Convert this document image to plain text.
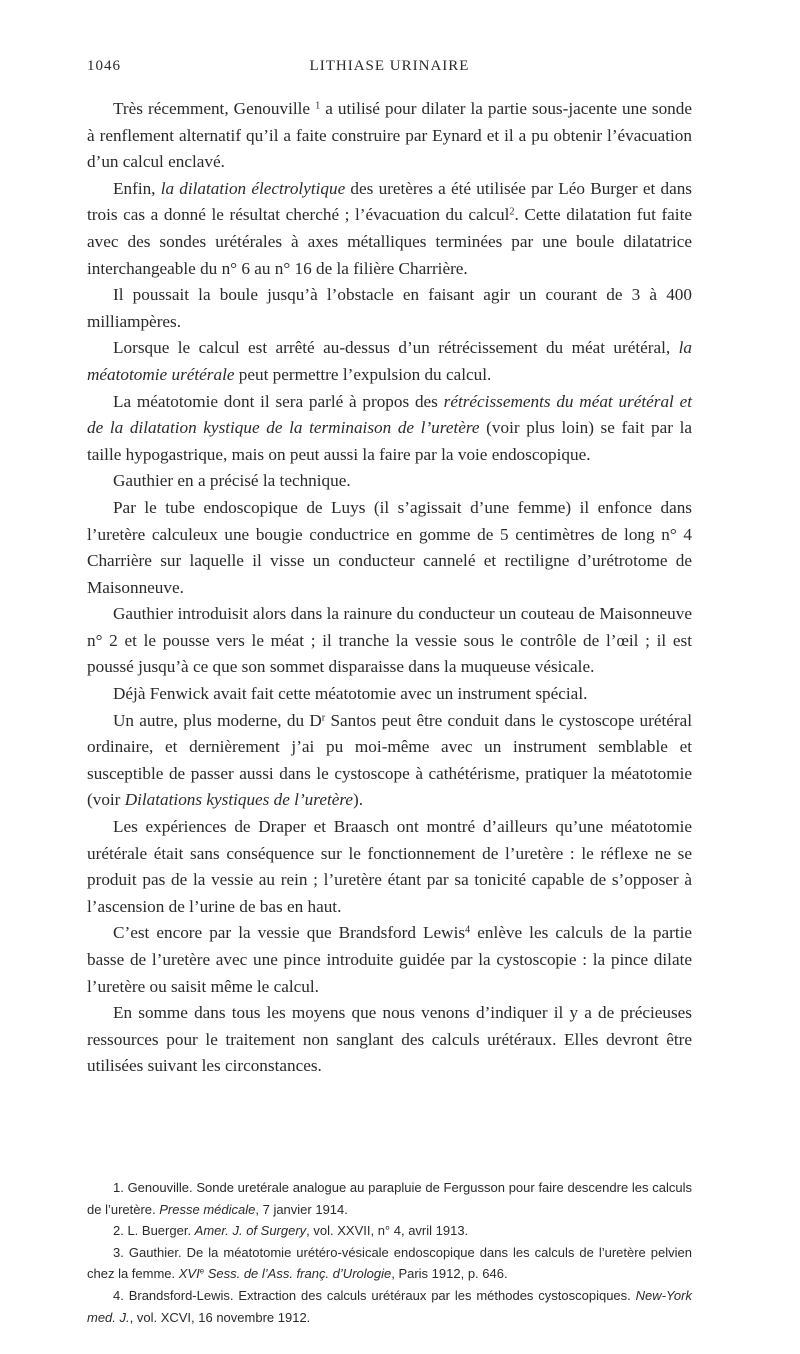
1046	LITHIASE URINAIRE

Très récemment, Genouville $^1$ a utilisé pour dilater la partie sous-jacente une sonde à renflement alternatif qu’il a faite construire par Eynard et il a pu obtenir l’évacuation d’un calcul enclavé.

Enfin, la dilatation électrolytique des uretères a été utilisée par Léo Burger et dans trois cas a donné le résultat cherché ; l’évacuation du calcul$^2$. Cette dilatation fut faite avec des sondes urétérales à axes métalliques terminées par une boule dilatatrice interchangeable du n° 6 au n° 16 de la filière Charrière.

Il poussait la boule jusqu’à l’obstacle en faisant agir un courant de 3 à 400 milliampères.

Lorsque le calcul est arrêté au-dessus d’un rétrécissement du méat urétéral, la méatotomie urétérale peut permettre l’expulsion du calcul.

La méatotomie dont il sera parlé à propos des rétrécissements du méat urétéral et de la dilatation kystique de la terminaison de l’uretère (voir plus loin) se fait par la taille hypogastrique, mais on peut aussi la faire par la voie endoscopique.

Gauthier en a précisé la technique.

Par le tube endoscopique de Luys (il s’agissait d’une femme) il enfonce dans l’uretère calculeux une bougie conductrice en gomme de 5 centimètres de long n° 4 Charrière sur laquelle il visse un conducteur cannelé et rectiligne d’urétrotome de Maisonneuve.

Gauthier introduisit alors dans la rainure du conducteur un couteau de Maisonneuve n° 2 et le pousse vers le méat ; il tranche la vessie sous le contrôle de l’œil ; il est poussé jusqu’à ce que son sommet disparaisse dans la muqueuse vésicale.

Déjà Fenwick avait fait cette méatotomie avec un instrument spécial.

Un autre, plus moderne, du $D^r$ Santos peut être conduit dans le cystoscope urétéral ordinaire, et dernièrement j’ai pu moi-même avec un instrument semblable et susceptible de passer aussi dans le cystoscope à cathétérisme, pratiquer la méatotomie (voir Dilatations kystiques de l’uretère).

Les expériences de Draper et Braasch ont montré d’ailleurs qu’une méatotomie urétérale était sans conséquence sur le fonctionnement de l’uretère : le réflexe ne se produit pas de la vessie au rein ; l’uretère étant par sa tonicité capable de s’opposer à l’ascension de l’urine de bas en haut.

C’est encore par la vessie que Brandsford Lewis$^4$ enlève les calculs de la partie basse de l’uretère avec une pince introduite guidée par la cystoscopie : la pince dilate l’uretère ou saisit même le calcul.

En somme dans tous les moyens que nous venons d’indiquer il y a de précieuses ressources pour le traitement non sanglant des calculs urétéraux. Elles devront être utilisées suivant les circonstances.

1. Genouville. Sonde uretérale analogue au parapluie de Fergusson pour faire descendre les calculs de l’uretère. Presse médicale, 7 janvier 1914.

2. L. Buerger. Amer. J. of Surgery, vol. XXVII, n° 4, avril 1913.

3. Gauthier. De la méatotomie urétéro-vésicale endoscopique dans les calculs de l’uretère pelvien chez la femme. XVIe Sess. de l’Ass. franç. d’Urologie, Paris 1912, p. 646.

4. Brandsford-Lewis. Extraction des calculs urétéraux par les méthodes cystoscopiques. New-York med. J., vol. XCVI, 16 novembre 1912.
